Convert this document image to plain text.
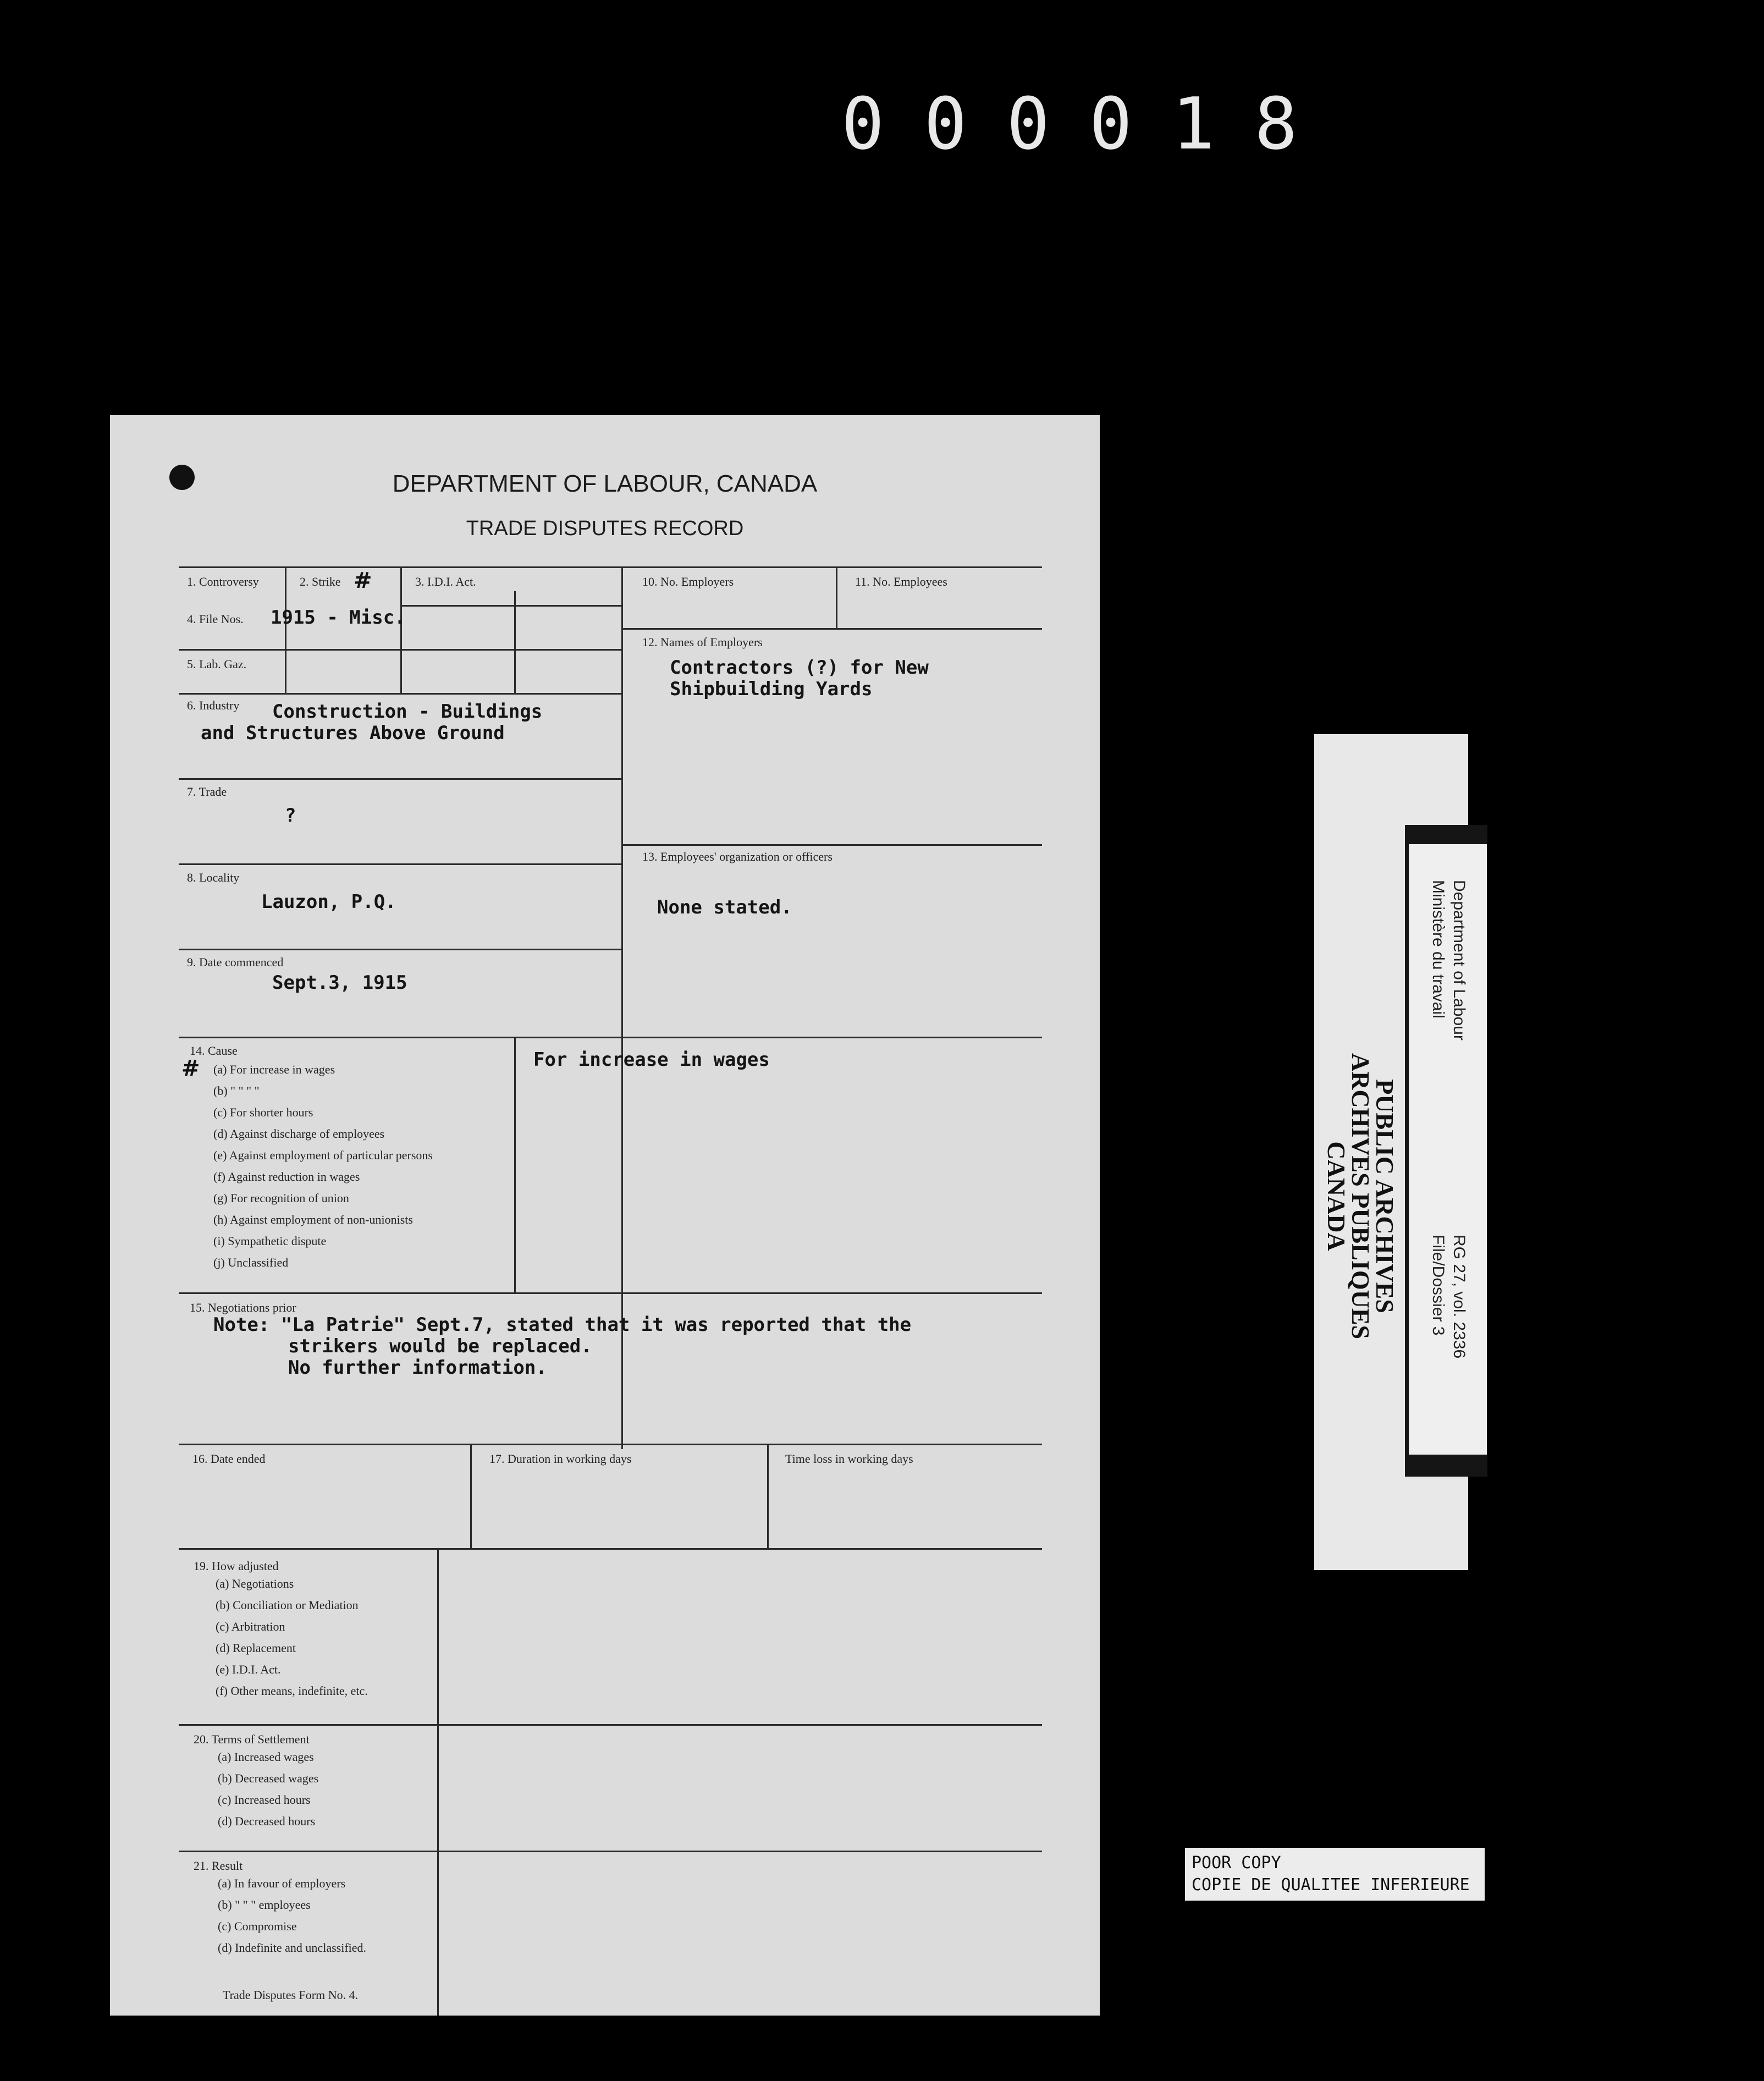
000018
DEPARTMENT OF LABOUR, CANADA
TRADE DISPUTES RECORD
1. Controversy	2. Strike #	3. I.D.I. Act.
4. File Nos. 1915 - Misc.
5. Lab. Gaz.
6. Industry	Construction - Buildings
and Structures Above Ground
7. Trade
?
8. Locality
Lauzon, P.Q.
9. Date commenced
Sept.3, 1915
10. No. Employers	11. No. Employees
12. Names of Employers
Contractors (?) for New
Shipbuilding Yards
13. Employees' organization or officers
None stated.
14. Cause
# (a) For increase in wages
(b) " " " "
(c) For shorter hours
(d) Against discharge of employees
(e) Against employment of particular persons
(f) Against reduction in wages
(g) For recognition of union
(h) Against employment of non-unionists
(i) Sympathetic dispute
(j) Unclassified
For increase in wages
15. Negotiations prior
Note: "La Patrie" Sept.7, stated that it was reported that the
strikers would be replaced.
No further information.
16. Date ended	17. Duration in working days	Time loss in working days
19. How adjusted
(a) Negotiations
(b) Conciliation or Mediation
(c) Arbitration
(d) Replacement
(e) I.D.I. Act.
(f) Other means, indefinite, etc.
20. Terms of Settlement
(a) Increased wages
(b) Decreased wages
(c) Increased hours
(d) Decreased hours
21. Result
(a) In favour of employers
(b) " " " employees
(c) Compromise
(d) Indefinite and unclassified.
Trade Disputes Form No. 4.
PUBLIC ARCHIVES
ARCHIVES PUBLIQUES
CANADA
Department of Labour
Ministère du travail
RG 27, vol. 2336
File/Dossier 3
POOR COPY
COPIE DE QUALITEE INFERIEURE
